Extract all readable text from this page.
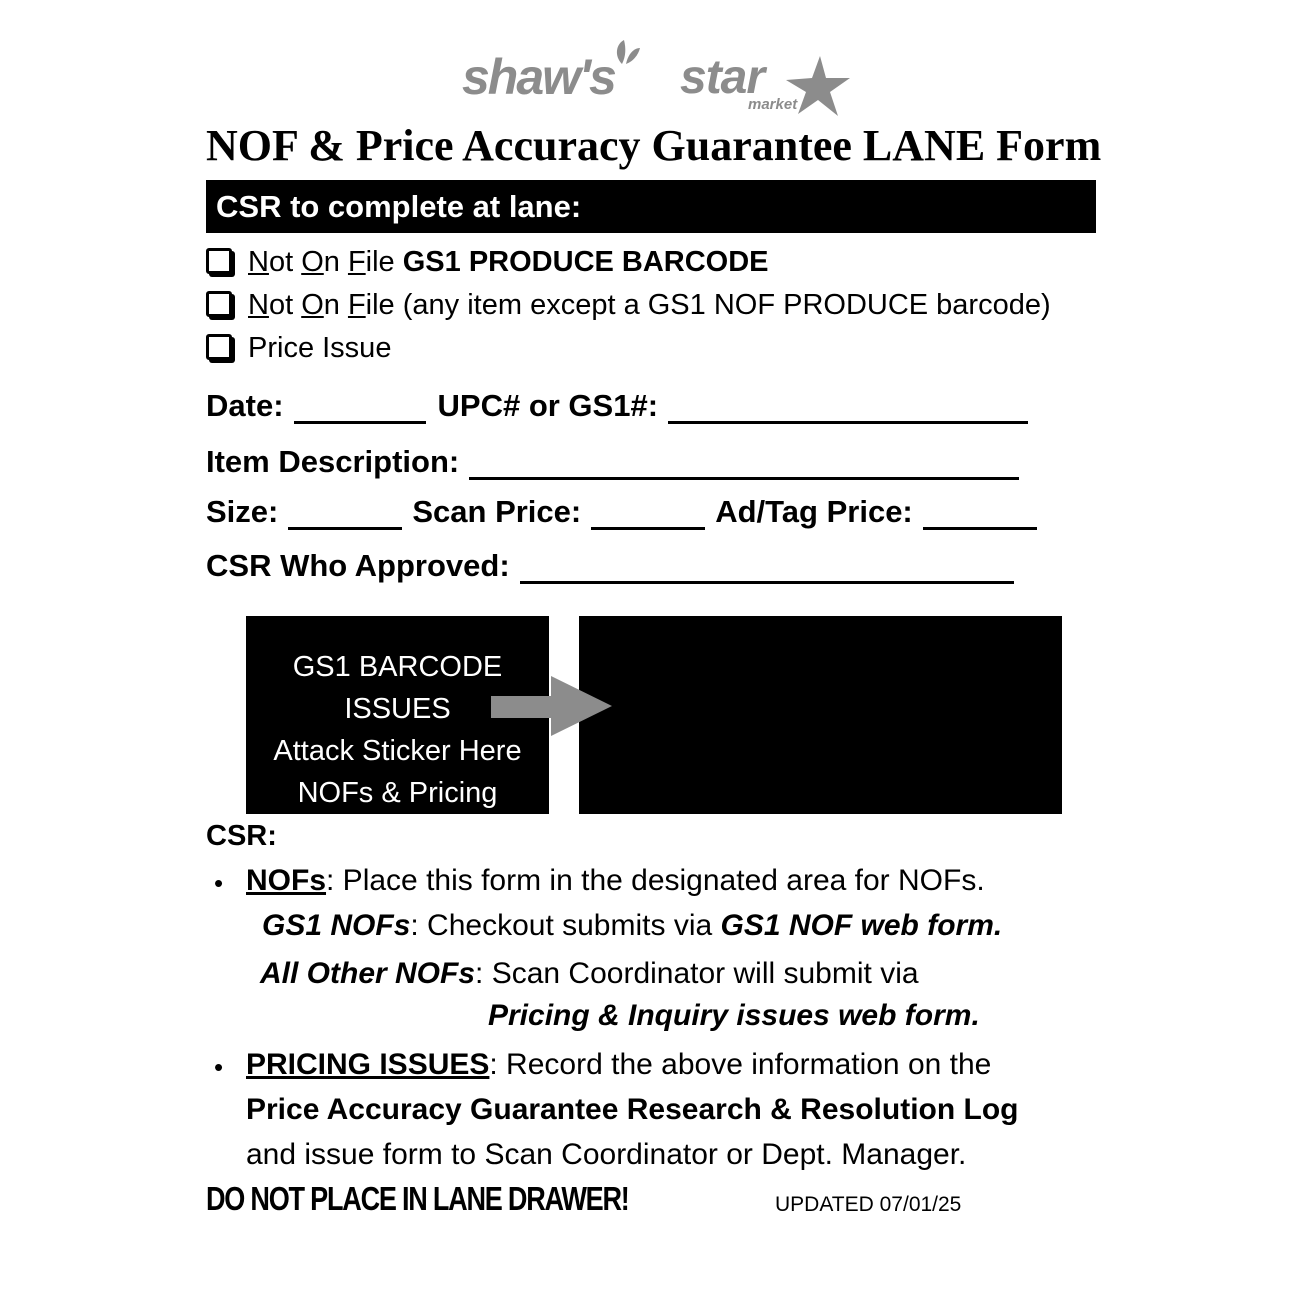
shaw's star
market
NOF & Price Accuracy Guarantee LANE Form
CSR to complete at lane:
Not On File GS1 PRODUCE BARCODE
Not On File (any item except a GS1 NOF PRODUCE barcode)
Price Issue
Date:	UPC# or GS1#:
Item Description:
Size:	Scan Price:	Ad/Tag Price:
CSR Who Approved:
GS1 BARCODE
ISSUES
Attack Sticker Here
NOFs & Pricing
CSR:
• NOFs: Place this form in the designated area for NOFs.
GS1 NOFs: Checkout submits via GS1 NOF web form.
All Other NOFs: Scan Coordinator will submit via
Pricing & Inquiry issues web form.
• PRICING ISSUES: Record the above information on the
Price Accuracy Guarantee Research & Resolution Log
and issue form to Scan Coordinator or Dept. Manager.
DO NOT PLACE IN LANE DRAWER!	UPDATED 07/01/25
